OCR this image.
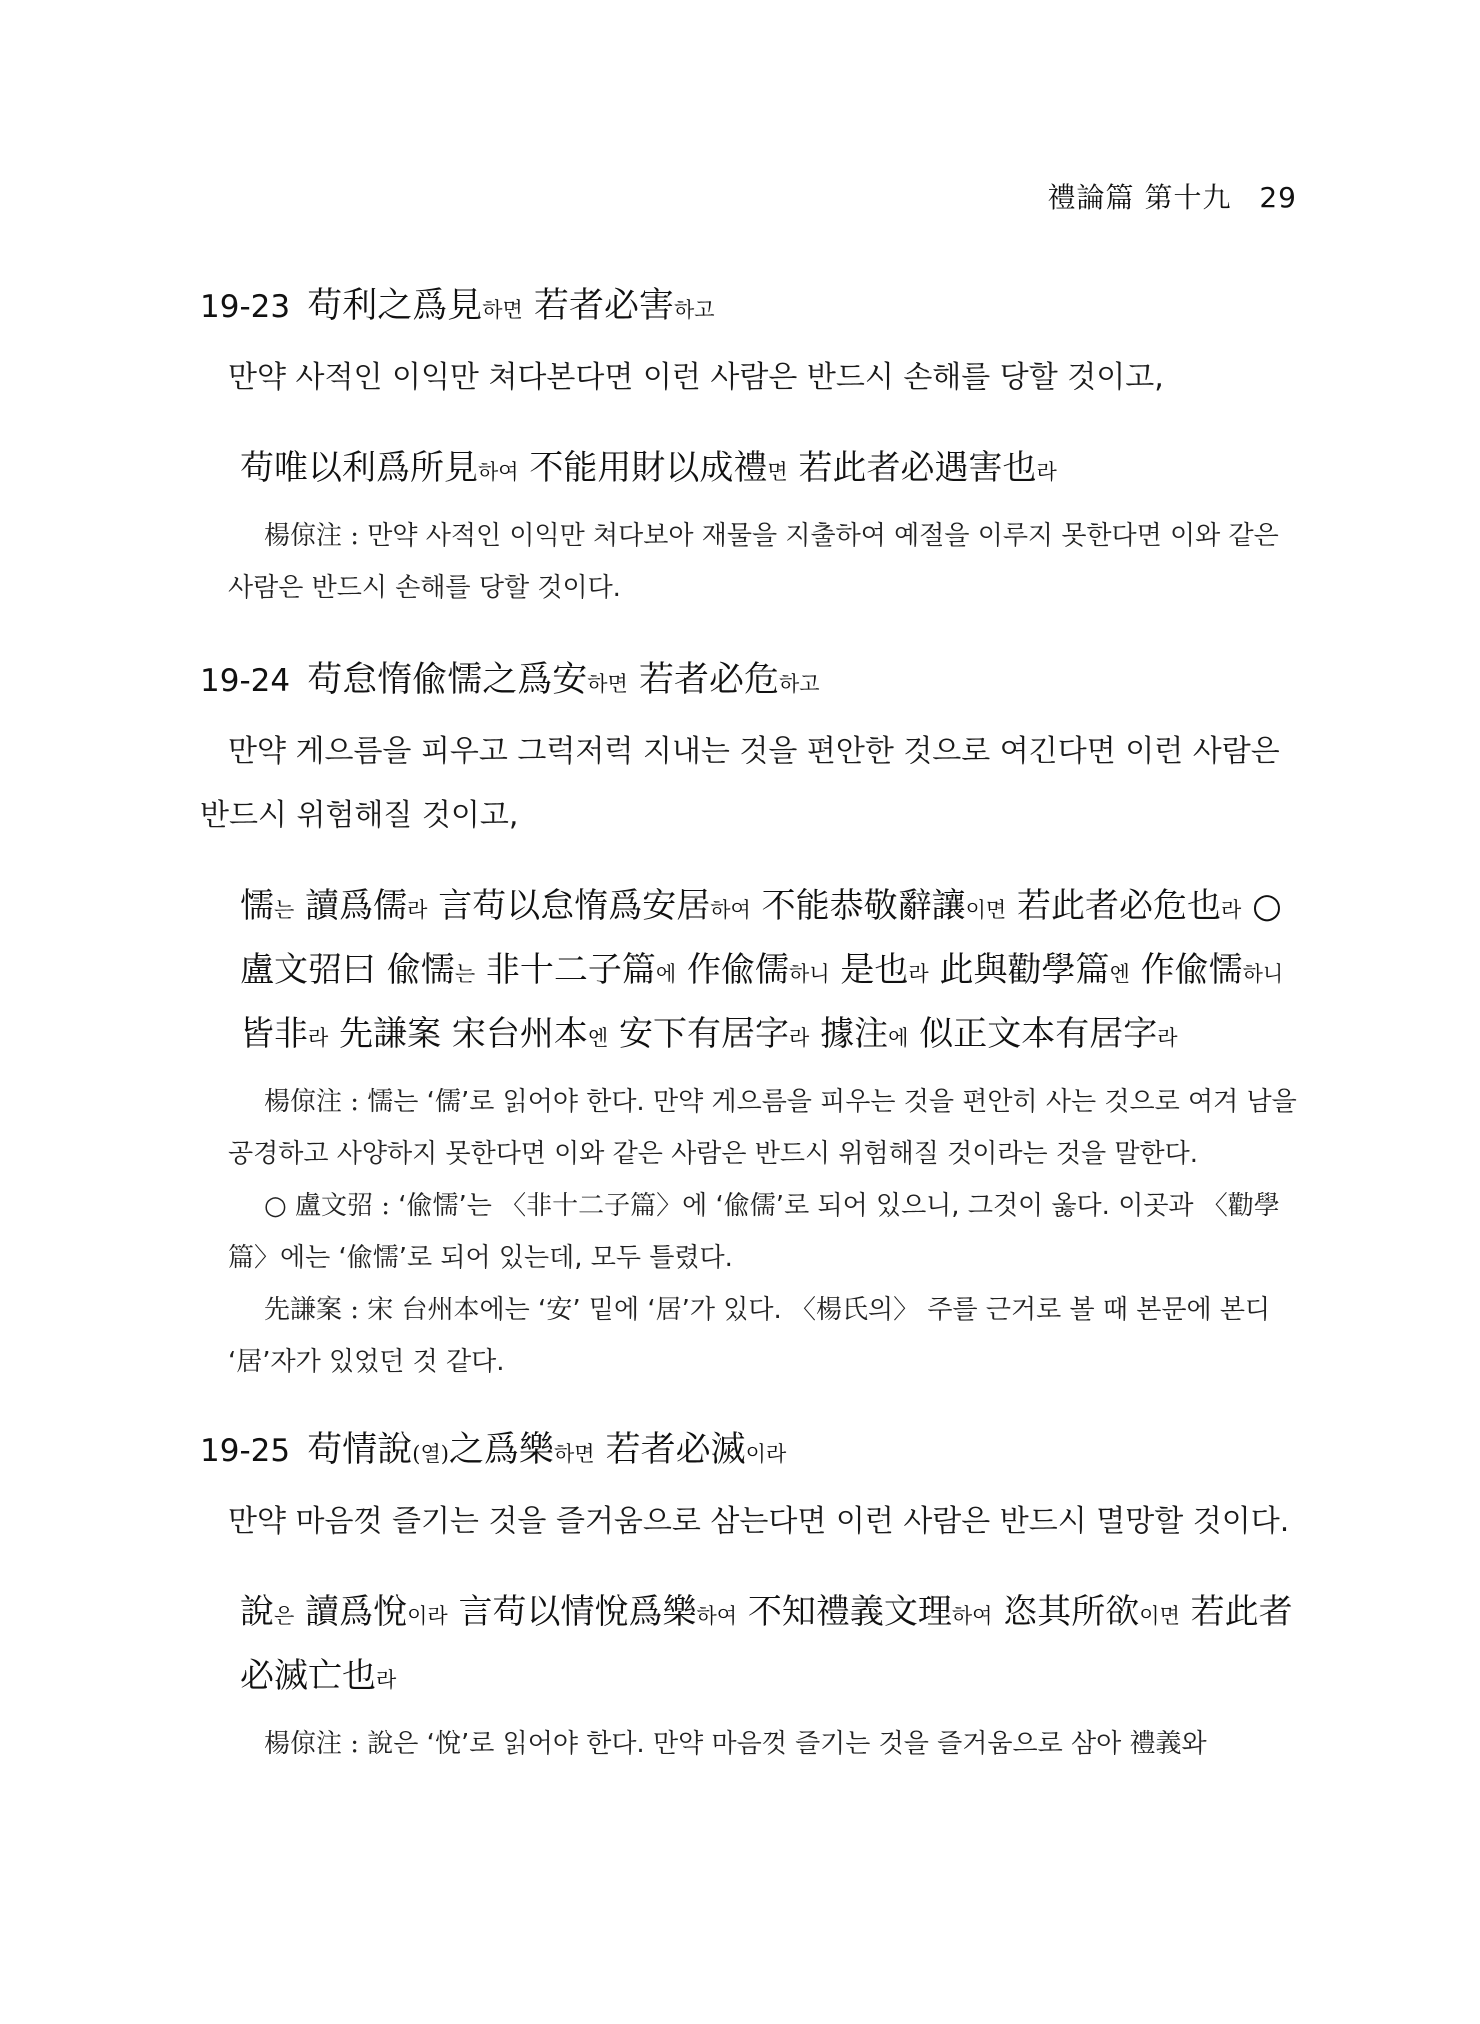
禮論篇 第十九 29
19-23 苟利之爲見하면 若者必害하고
만약 사적인 이익만 쳐다본다면 이런 사람은 반드시 손해를 당할 것이고,
苟唯以利爲所見하여 不能用財以成禮면 若此者必遇害也라

楊倞注 : 만약 사적인 이익만 쳐다보아 재물을 지출하여 예절을 이루지 못한다면 이와 같은 사람은 반드시 손해를 당할 것이다.

19-24 苟怠惰偸懦之爲安하면 若者必危하고
만약 게으름을 피우고 그럭저럭 지내는 것을 편안한 것으로 여긴다면 이런 사람은 반드시 위험해질 것이고,
懦는 讀爲儒라 言苟以怠惰爲安居하여 不能恭敬辭讓이면 若此者必危也라 ○ 盧文弨曰 偸懦는 非十二子篇에 作偸儒하니 是也라 此與勸學篇엔 作偸懦하니 皆非라 先謙案 宋台州本엔 安下有居字라 據注에 似正文本有居字라

楊倞注 : 懦는 ‘儒’로 읽어야 한다. 만약 게으름을 피우는 것을 편안히 사는 것으로 여겨 남을 공경하고 사양하지 못한다면 이와 같은 사람은 반드시 위험해질 것이라는 것을 말한다.

○ 盧文弨 : ‘偸懦’는 〈非十二子篇〉에 ‘偸儒’로 되어 있으니, 그것이 옳다. 이곳과 〈勸學篇〉에는 ‘偸懦’로 되어 있는데, 모두 틀렸다.

先謙案 : 宋 台州本에는 ‘安’ 밑에 ‘居’가 있다. 〈楊氏의〉 주를 근거로 볼 때 본문에 본디 ‘居’자가 있었던 것 같다.

19-25 苟情說(열)之爲樂하면 若者必滅이라
만약 마음껏 즐기는 것을 즐거움으로 삼는다면 이런 사람은 반드시 멸망할 것이다.
說은 讀爲悅이라 言苟以情悅爲樂하여 不知禮義文理하여 恣其所欲이면 若此者必滅亡也라

楊倞注 : 說은 ‘悅’로 읽어야 한다. 만약 마음껏 즐기는 것을 즐거움으로 삼아 禮義와
